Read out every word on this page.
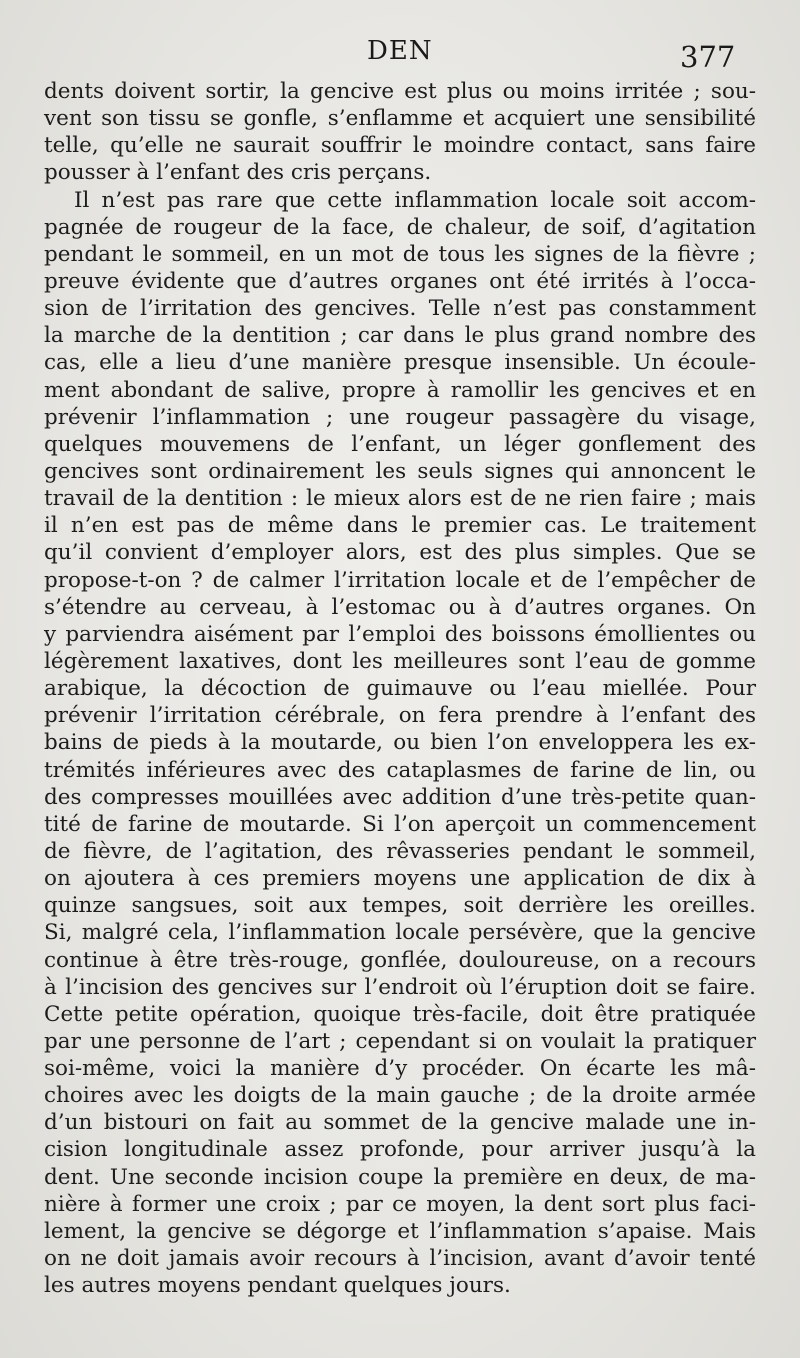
DEN	377
dents doivent sortir, la gencive est plus ou moins irritée ; sou-
vent son tissu se gonfle, s’enflamme et acquiert une sensibilité
telle, qu’elle ne saurait souffrir le moindre contact, sans faire
pousser à l’enfant des cris perçans.
Il n’est pas rare que cette inflammation locale soit accom-
pagnée de rougeur de la face, de chaleur, de soif, d’agitation
pendant le sommeil, en un mot de tous les signes de la fièvre ;
preuve évidente que d’autres organes ont été irrités à l’occa-
sion de l’irritation des gencives. Telle n’est pas constamment
la marche de la dentition ; car dans le plus grand nombre des
cas, elle a lieu d’une manière presque insensible. Un écoule-
ment abondant de salive, propre à ramollir les gencives et en
prévenir l’inflammation ; une rougeur passagère du visage,
quelques mouvemens de l’enfant, un léger gonflement des
gencives sont ordinairement les seuls signes qui annoncent le
travail de la dentition : le mieux alors est de ne rien faire ; mais
il n’en est pas de même dans le premier cas. Le traitement
qu’il convient d’employer alors, est des plus simples. Que se
propose-t-on ? de calmer l’irritation locale et de l’empêcher de
s’étendre au cerveau, à l’estomac ou à d’autres organes. On
y parviendra aisément par l’emploi des boissons émollientes ou
légèrement laxatives, dont les meilleures sont l’eau de gomme
arabique, la décoction de guimauve ou l’eau miellée. Pour
prévenir l’irritation cérébrale, on fera prendre à l’enfant des
bains de pieds à la moutarde, ou bien l’on enveloppera les ex-
trémités inférieures avec des cataplasmes de farine de lin, ou
des compresses mouillées avec addition d’une très-petite quan-
tité de farine de moutarde. Si l’on aperçoit un commencement
de fièvre, de l’agitation, des rêvasseries pendant le sommeil,
on ajoutera à ces premiers moyens une application de dix à
quinze sangsues, soit aux tempes, soit derrière les oreilles.
Si, malgré cela, l’inflammation locale persévère, que la gencive
continue à être très-rouge, gonflée, douloureuse, on a recours
à l’incision des gencives sur l’endroit où l’éruption doit se faire.
Cette petite opération, quoique très-facile, doit être pratiquée
par une personne de l’art ; cependant si on voulait la pratiquer
soi-même, voici la manière d’y procéder. On écarte les mâ-
choires avec les doigts de la main gauche ; de la droite armée
d’un bistouri on fait au sommet de la gencive malade une in-
cision longitudinale assez profonde, pour arriver jusqu’à la
dent. Une seconde incision coupe la première en deux, de ma-
nière à former une croix ; par ce moyen, la dent sort plus faci-
lement, la gencive se dégorge et l’inflammation s’apaise. Mais
on ne doit jamais avoir recours à l’incision, avant d’avoir tenté
les autres moyens pendant quelques jours.
